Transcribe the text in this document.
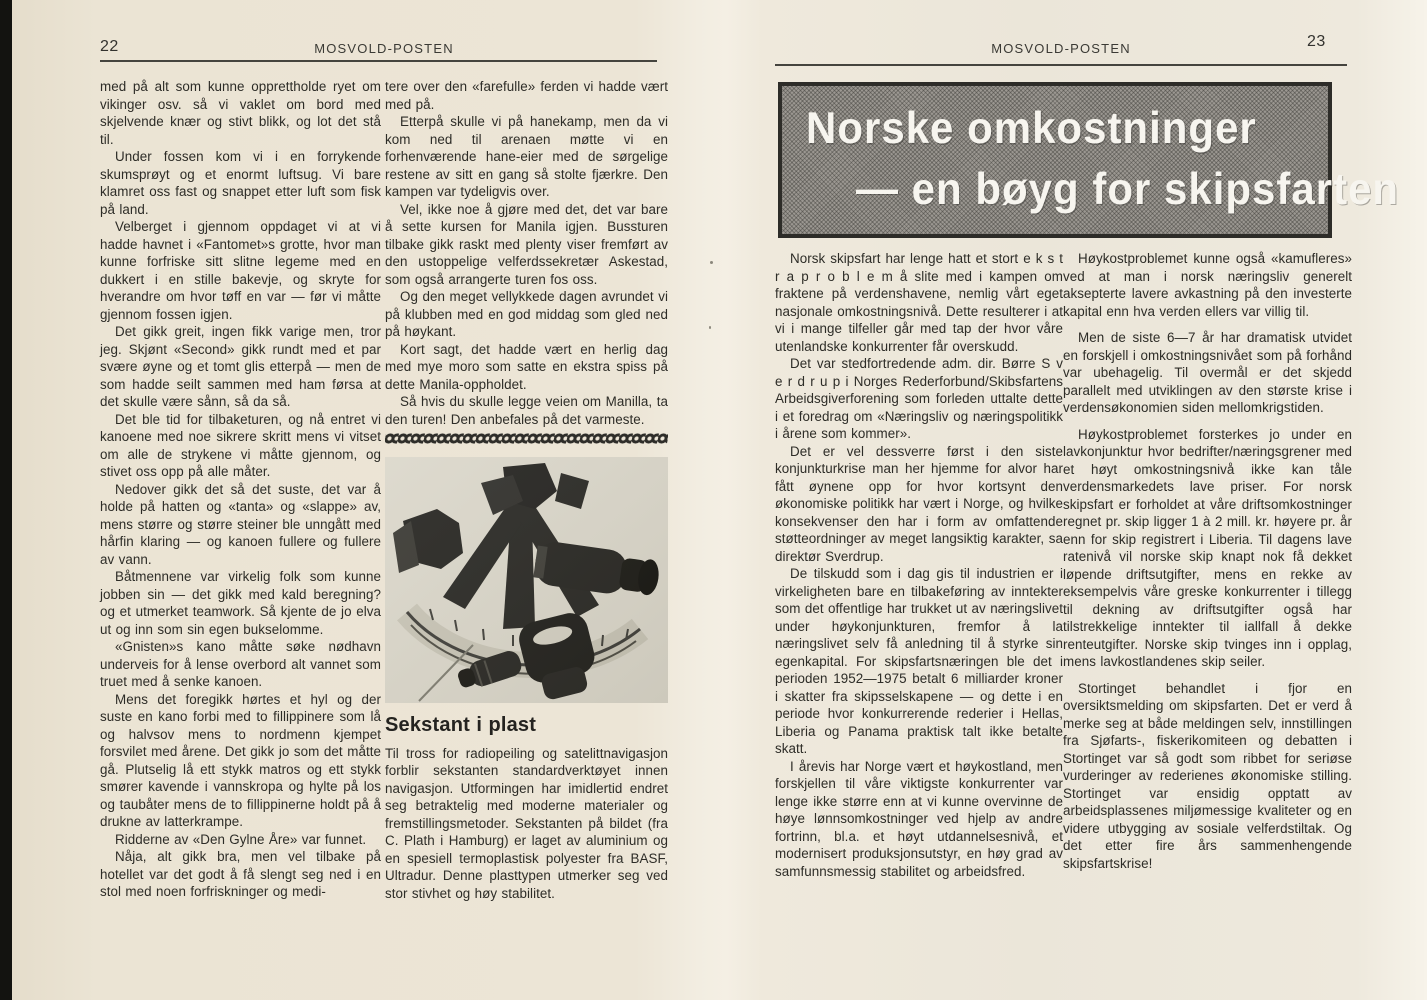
22	MOSVOLD-POSTEN

med på alt som kunne opprettholde ryet om vikinger osv. så vi vaklet om bord med skjelvende knær og stivt blikk, og lot det stå til.

Under fossen kom vi i en forrykende skumsprøyt og et enormt luftsug. Vi bare klamret oss fast og snappet etter luft som fisk på land.

Velberget i gjennom oppdaget vi at vi hadde havnet i «Fantomet»s grotte, hvor man kunne forfriske sitt slitne legeme med en dukkert i en stille bakevje, og skryte for hverandre om hvor tøff en var — før vi måtte gjennom fossen igjen.

Det gikk greit, ingen fikk varige men, tror jeg. Skjønt «Second» gikk rundt med et par svære øyne og et tomt glis etterpå — men de som hadde seilt sammen med ham førsa at det skulle være sånn, så da så.

Det ble tid for tilbaketuren, og nå entret vi kanoene med noe sikrere skritt mens vi vitset om alle de strykene vi måtte gjennom, og stivet oss opp på alle måter.

Nedover gikk det så det suste, det var å holde på hatten og «tanta» og «slappe» av, mens større og større steiner ble unngått med hårfin klaring — og kanoen fullere og fullere av vann.

Båtmennene var virkelig folk som kunne jobben sin — det gikk med kald beregning? og et utmerket teamwork. Så kjente de jo elva ut og inn som sin egen bukselomme.

«Gnisten»s kano måtte søke nødhavn underveis for å lense overbord alt vannet som truet med å senke kanoen.

Mens det foregikk hørtes et hyl og der suste en kano forbi med to fillippinere som lå og halvsov mens to nordmenn kjempet forsvilet med årene. Det gikk jo som det måtte gå. Plutselig lå ett stykk matros og ett stykk smører kavende i vannskropa og hylte på los og taubåter mens de to fillippinerne holdt på å drukne av latterkrampe.

Ridderne av «Den Gylne Åre» var funnet.

Nåja, alt gikk bra, men vel tilbake på hotellet var det godt å få slengt seg ned i en stol med noen forfriskninger og medi-

tere over den «farefulle» ferden vi hadde vært med på.

Etterpå skulle vi på hanekamp, men da vi kom ned til arenaen møtte vi en forhenværende hane-eier med de sørgelige restene av sitt en gang så stolte fjærkre. Den kampen var tydeligvis over.

Vel, ikke noe å gjøre med det, det var bare å sette kursen for Manila igjen. Bussturen tilbake gikk raskt med plenty viser fremført av den ustoppelige velferdssekretær Askestad, som også arrangerte turen fos oss.

Og den meget vellykkede dagen avrundet vi på klubben med en god middag som gled ned på høykant.

Kort sagt, det hadde vært en herlig dag med mye moro som satte en ekstra spiss på dette Manila-oppholdet.

Så hvis du skulle legge veien om Manilla, ta den turen! Den anbefales på det varmeste.

Sekstant i plast

Til tross for radiopeiling og satelittnavigasjon forblir sekstanten standardverktøyet innen navigasjon. Utformingen har imidlertid endret seg betraktelig med moderne materialer og fremstillingsmetoder. Sekstanten på bildet (fra C. Plath i Hamburg) er laget av aluminium og en spesiell termoplastisk polyester fra BASF, Ultradur. Denne plasttypen utmerker seg ved stor stivhet og høy stabilitet.

MOSVOLD-POSTEN	23
Norske omkostninger
— en bøyg for skipsfarten

Norsk skipsfart har lenge hatt et stort e k s t r a p r o b l e m å slite med i kampen om fraktene på verdenshavene, nemlig vårt eget nasjonale omkostningsnivå. Dette resulterer i at vi i mange tilfeller går med tap der hvor våre utenlandske konkurrenter får overskudd.

Det var stedfortredende adm. dir. Børre S v e r d r u p i Norges Rederforbund/Skibsfartens Arbeidsgiverforening som forleden uttalte dette i et foredrag om «Næringsliv og næringspolitikk i årene som kommer».

Det er vel dessverre først i den siste konjunkturkrise man her hjemme for alvor har fått øynene opp for hvor kortsynt den økonomiske politikk har vært i Norge, og hvilke konsekvenser den har i form av omfattende støtteordninger av meget langsiktig karakter, sa direktør Sverdrup.

De tilskudd som i dag gis til industrien er i virkeligheten bare en tilbakeføring av inntekter som det offentlige har trukket ut av næringslivet under høykonjunkturen, fremfor å la næringslivet selv få anledning til å styrke sin egenkapital. For skipsfartsnæringen ble det i perioden 1952—1975 betalt 6 milliarder kroner i skatter fra skipsselskapene — og dette i en periode hvor konkurrerende rederier i Hellas, Liberia og Panama praktisk talt ikke betalte skatt.

I årevis har Norge vært et høykostland, men forskjellen til våre viktigste konkurrenter var lenge ikke større enn at vi kunne overvinne de høye lønnsomkostninger ved hjelp av andre fortrinn, bl.a. et høyt utdannelsesnivå, et modernisert produksjonsutstyr, en høy grad av samfunnsmessig stabilitet og arbeidsfred.

Høykostproblemet kunne også «kamufleres» ved at man i norsk næringsliv generelt aksepterte lavere avkastning på den investerte kapital enn hva verden ellers var villig til.

Men de siste 6—7 år har dramatisk utvidet en forskjell i omkostningsnivået som på forhånd var ubehagelig. Til overmål er det skjedd parallelt med utviklingen av den største krise i verdensøkonomien siden mellomkrigstiden.

Høykostproblemet forsterkes jo under en lavkonjunktur hvor bedrifter/næringsgrener med et høyt omkostningsnivå ikke kan tåle verdensmarkedets lave priser. For norsk skipsfart er forholdet at våre driftsomkostninger regnet pr. skip ligger 1 à 2 mill. kr. høyere pr. år enn for skip registrert i Liberia. Til dagens lave ratenivå vil norske skip knapt nok få dekket løpende driftsutgifter, mens en rekke av eksempelvis våre greske konkurrenter i tillegg til dekning av driftsutgifter også har tilstrekkelige inntekter til iallfall å dekke renteutgifter. Norske skip tvinges inn i opplag, mens lavkostlandenes skip seiler.

Stortinget behandlet i fjor en oversiktsmelding om skipsfarten. Det er verd å merke seg at både meldingen selv, innstillingen fra Sjøfarts-, fiskerikomiteen og debatten i Stortinget var så godt som ribbet for seriøse vurderinger av rederienes økonomiske stilling. Stortinget var ensidig opptatt av arbeidsplassenes miljømessige kvaliteter og en videre utbygging av sosiale velferdstiltak. Og det etter fire års sammenhengende skipsfartskrise!
